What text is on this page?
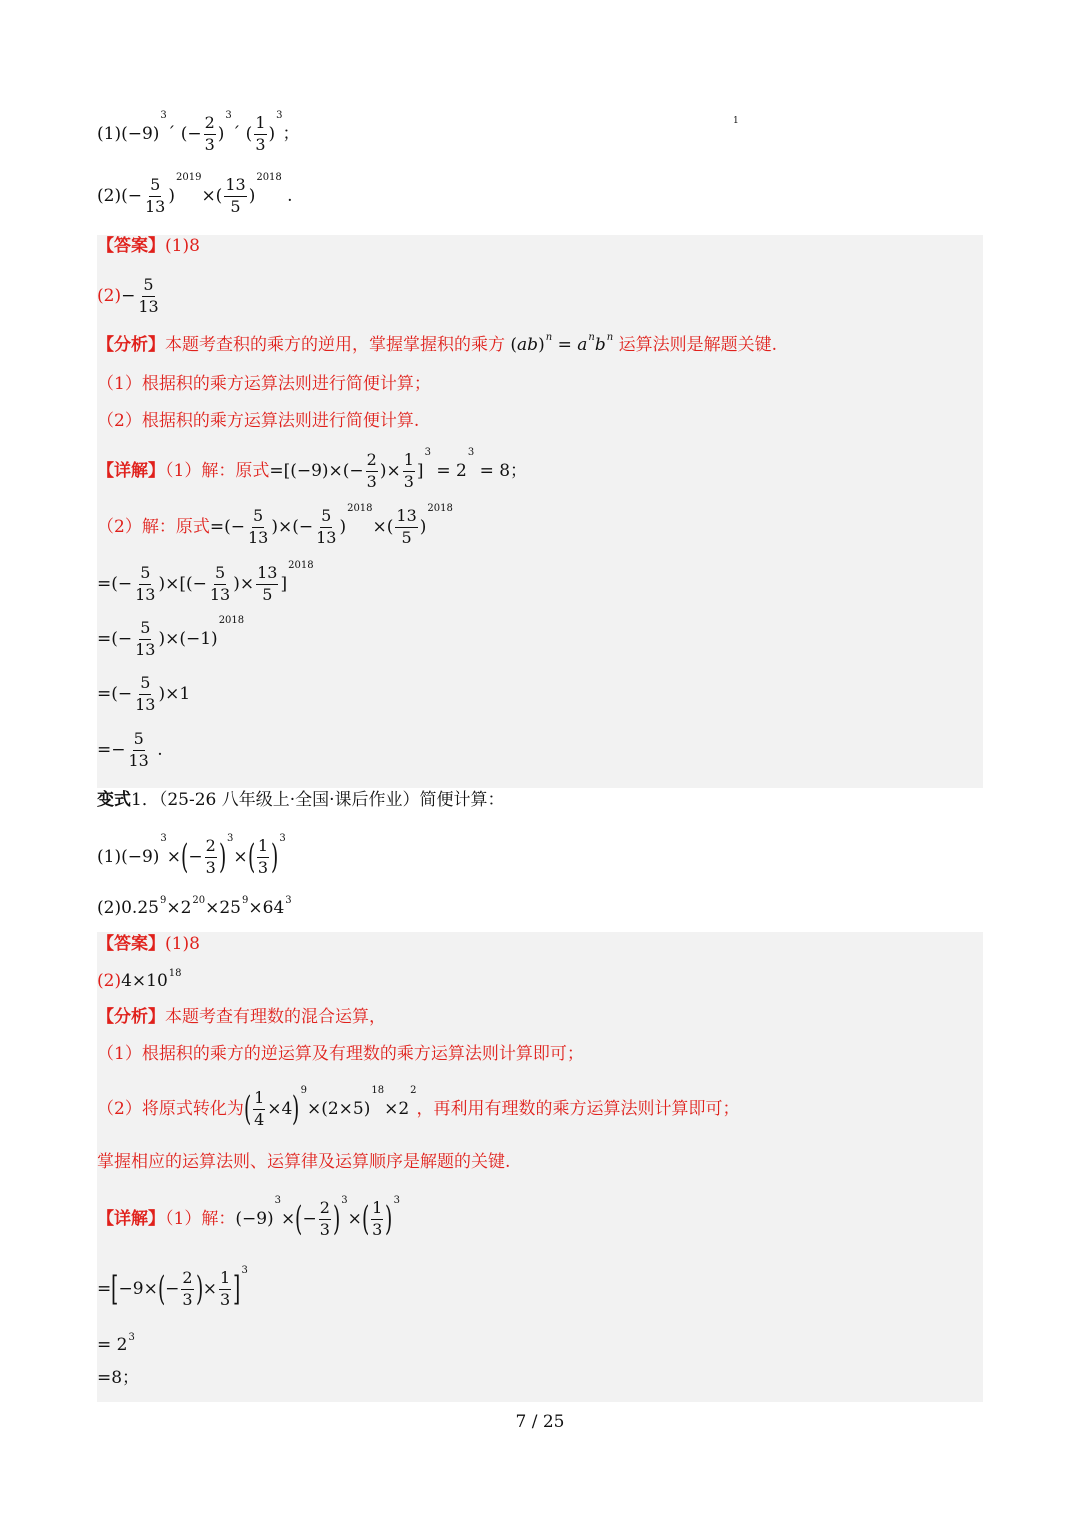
1
$(1)(-9)^3´$ (− $\frac{2}{3}$ )$^3$´ ( $\frac{1}{3} )^3$；
$(2)(- \frac{5}{13} )^{2019}\times( \frac{13}{5} )^{2018}$ .
【答案】(1)8
$(2)- \frac{5}{13}$
【分析】本题考查积的乘方的逆用，掌握掌握积的乘方 $(ab)^n = a^nb^n$ 运算法则是解题关键.
（1）根据积的乘方运算法则进行简便计算；
（2）根据积的乘方运算法则进行简便计算.
【详解】（1）解：原式$=[(-9)\times(- \frac{2}{3}$ )× $\frac{1}{3} ]^3 = 2^3 = 8$；
（2）解：原式=(− $\frac{5}{13}$ )×(− $\frac{5}{13} )^{2018}\times( \frac{13}{5} )^{2018}$
=(− $\frac{5}{13}$ )×[(− $\frac{5}{13}$ )× $\frac{13}{5} ]^{2018}$
=(− $\frac{5}{13} )\times(-1)^{2018}$
=(− $\frac{5}{13} )\times 1$
=− $\frac{5}{13}$ .
变式1．（25-26 八年级上·全国·课后作业）简便计算：
$(1)(-9)^3\times(- \frac{2}{3} )^3\times( \frac{1}{3} )^3$
$(2)0.25^9\times 2^{20}\times 25^9\times 64^3$
【答案】(1)8
$(2)4\times 10^{18}$
【分析】本题考查有理数的混合运算，
（1）根据积的乘方的逆运算及有理数的乘方运算法则计算即可；
（2）将原式转化为( $\frac{1}{4} \times 4)^9\times(2\times 5)^{18}\times 2^2$，再利用有理数的乘方运算法则计算即可；
掌握相应的运算法则、运算律及运算顺序是解题的关键.
【详解】（1）解：$(-9)^3\times(- \frac{2}{3} )^3\times( \frac{1}{3} )^3$
$=[-9\times(- \frac{2}{3}$ )× $\frac{1}{3} ]^3$
= $2^3$
=8；
7 / 25
